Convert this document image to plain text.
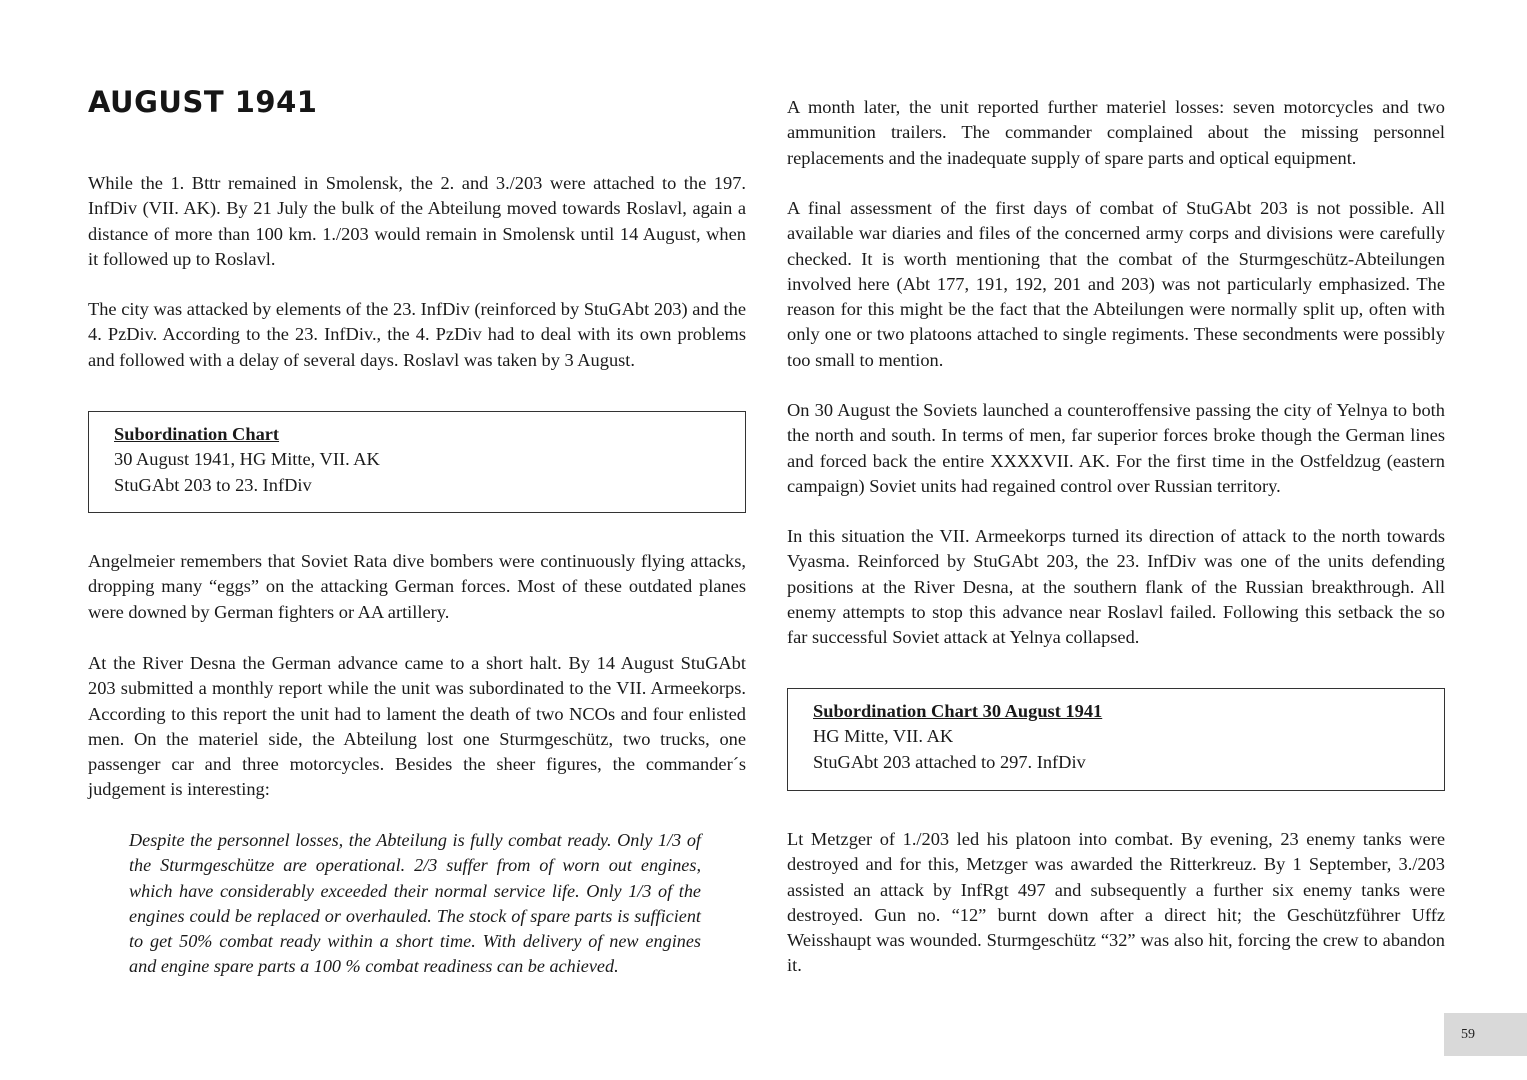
AUGUST 1941

While the 1. Bttr remained in Smolensk, the 2. and 3./203 were attached to the 197. InfDiv (VII. AK). By 21 July the bulk of the Abteilung moved towards Roslavl, again a distance of more than 100 km. 1./203 would remain in Smolensk until 14 August, when it followed up to Roslavl.

The city was attacked by elements of the 23. InfDiv (reinforced by StuGAbt 203) and the 4. PzDiv. According to the 23. InfDiv., the 4. PzDiv had to deal with its own problems and followed with a delay of several days. Roslavl was taken by 3 August.

Subordination Chart
30 August 1941, HG Mitte, VII. AK
StuGAbt 203 to 23. InfDiv

Angelmeier remembers that Soviet Rata dive bombers were continuously flying attacks, dropping many “eggs” on the attacking German forces. Most of these outdated planes were downed by German fighters or AA artillery.

At the River Desna the German advance came to a short halt. By 14 August StuGAbt 203 submitted a monthly report while the unit was subordinated to the VII. Armeekorps. According to this report the unit had to lament the death of two NCOs and four enlisted men. On the materiel side, the Abteilung lost one Sturmgeschütz, two trucks, one passenger car and three motorcycles. Besides the sheer figures, the commander´s judgement is interesting:

Despite the personnel losses, the Abteilung is fully combat ready. Only 1/3 of the Sturmgeschütze are operational. 2/3 suffer from of worn out engines, which have considerably exceeded their normal service life. Only 1/3 of the engines could be replaced or overhauled. The stock of spare parts is sufficient to get 50% combat ready within a short time. With delivery of new engines and engine spare parts a 100 % combat readiness can be achieved.

A month later, the unit reported further materiel losses: seven motorcycles and two ammunition trailers. The commander complained about the missing personnel replacements and the inadequate supply of spare parts and optical equipment.

A final assessment of the first days of combat of StuGAbt 203 is not possible. All available war diaries and files of the concerned army corps and divisions were carefully checked. It is worth mentioning that the combat of the Sturmgeschütz-Abteilungen involved here (Abt 177, 191, 192, 201 and 203) was not particularly emphasized. The reason for this might be the fact that the Abteilungen were normally split up, often with only one or two platoons attached to single regiments. These secondments were possibly too small to mention.

On 30 August the Soviets launched a counteroffensive passing the city of Yelnya to both the north and south. In terms of men, far superior forces broke though the German lines and forced back the entire XXXXVII. AK. For the first time in the Ostfeldzug (eastern campaign) Soviet units had regained control over Russian territory.

In this situation the VII. Armeekorps turned its direction of attack to the north towards Vyasma. Reinforced by StuGAbt 203, the 23. InfDiv was one of the units defending positions at the River Desna, at the southern flank of the Russian breakthrough. All enemy attempts to stop this advance near Roslavl failed. Following this setback the so far successful Soviet attack at Yelnya collapsed.

Subordination Chart 30 August 1941
HG Mitte, VII. AK
StuGAbt 203 attached to 297. InfDiv

Lt Metzger of 1./203 led his platoon into combat. By evening, 23 enemy tanks were destroyed and for this, Metzger was awarded the Ritterkreuz. By 1 September, 3./203 assisted an attack by InfRgt 497 and subsequently a further six enemy tanks were destroyed. Gun no. “12” burnt down after a direct hit; the Geschützführer Uffz Weisshaupt was wounded. Sturmgeschütz “32” was also hit, forcing the crew to abandon it.

59
